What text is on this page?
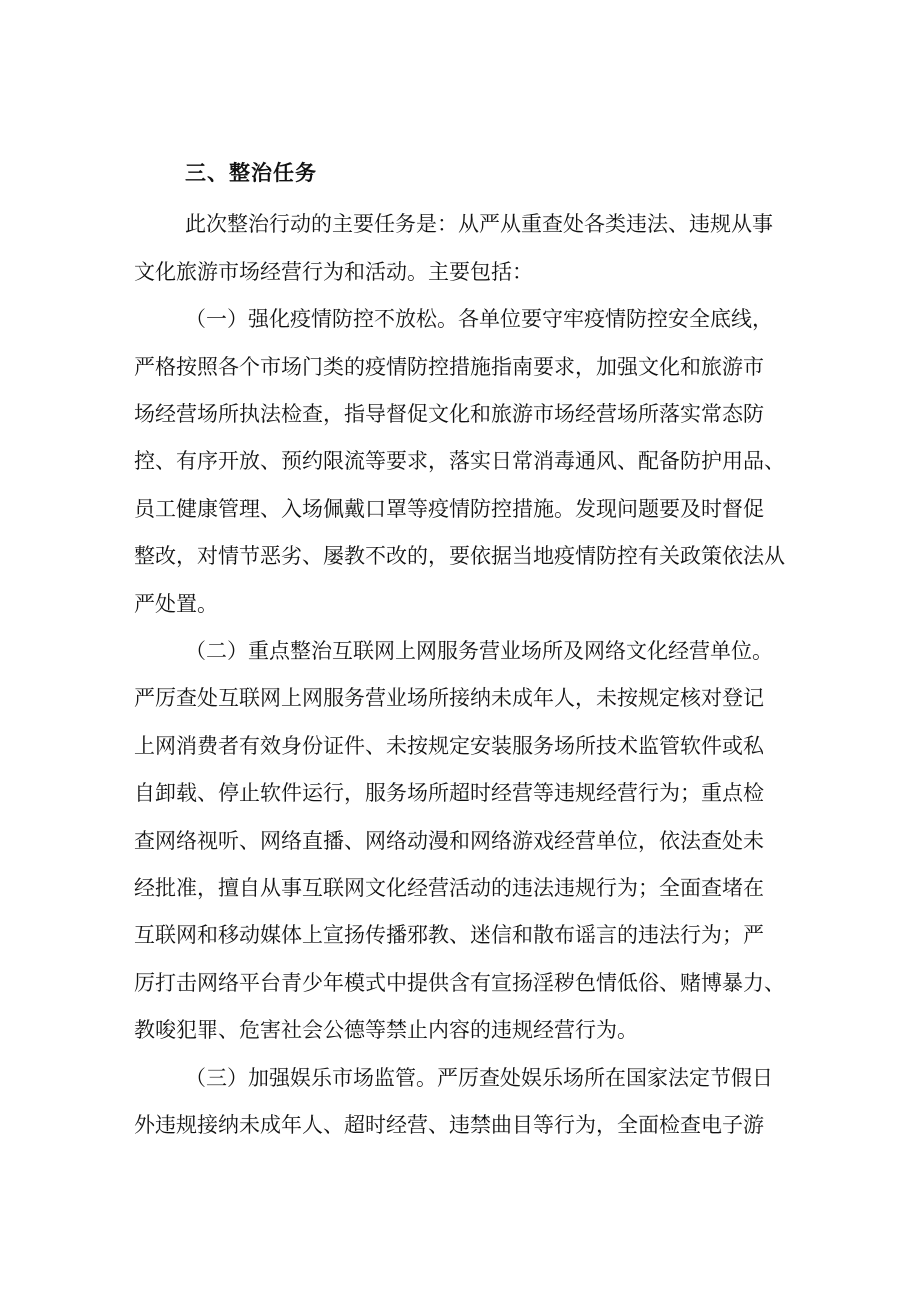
三、整治任务
此次整治行动的主要任务是：从严从重查处各类违法、违规从事
文化旅游市场经营行为和活动。主要包括：
（一）强化疫情防控不放松。各单位要守牢疫情防控安全底线，
严格按照各个市场门类的疫情防控措施指南要求，加强文化和旅游市
场经营场所执法检查，指导督促文化和旅游市场经营场所落实常态防
控、有序开放、预约限流等要求，落实日常消毒通风、配备防护用品、
员工健康管理、入场佩戴口罩等疫情防控措施。发现问题要及时督促
整改，对情节恶劣、屡教不改的，要依据当地疫情防控有关政策依法从
严处置。
（二）重点整治互联网上网服务营业场所及网络文化经营单位。
严厉查处互联网上网服务营业场所接纳未成年人，未按规定核对登记
上网消费者有效身份证件、未按规定安装服务场所技术监管软件或私
自卸载、停止软件运行，服务场所超时经营等违规经营行为；重点检
查网络视听、网络直播、网络动漫和网络游戏经营单位，依法查处未
经批准，擅自从事互联网文化经营活动的违法违规行为；全面查堵在
互联网和移动媒体上宣扬传播邪教、迷信和散布谣言的违法行为；严
厉打击网络平台青少年模式中提供含有宣扬淫秽色情低俗、赌博暴力、
教唆犯罪、危害社会公德等禁止内容的违规经营行为。
（三）加强娱乐市场监管。严厉查处娱乐场所在国家法定节假日
外违规接纳未成年人、超时经营、违禁曲目等行为，全面检查电子游
